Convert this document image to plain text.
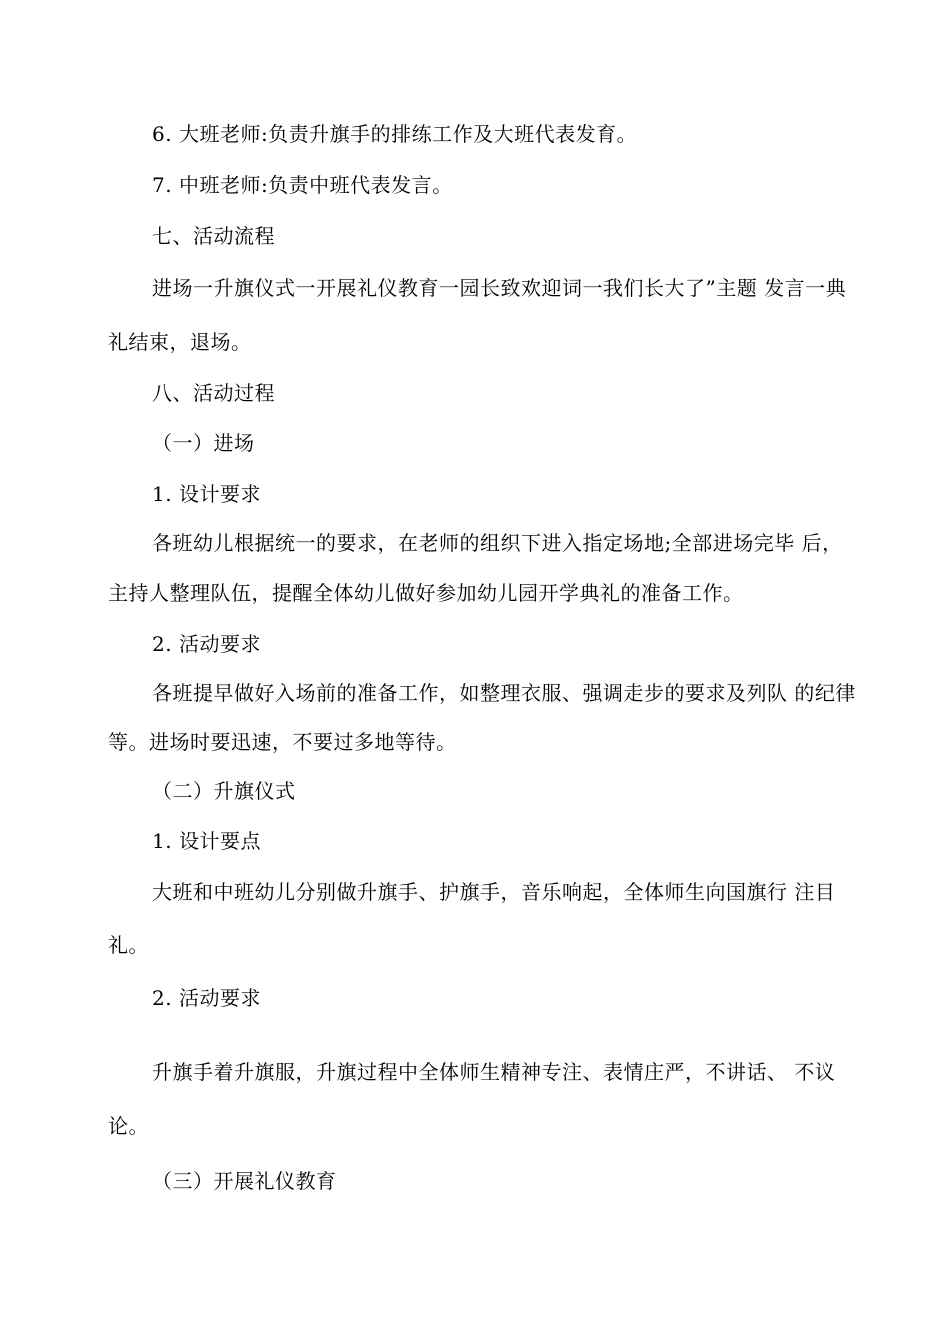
6. 大班老师:负责升旗手的排练工作及大班代表发育。
7. 中班老师:负责中班代表发言。
七、活动流程
进场一升旗仪式一开展礼仪教育一园长致欢迎词一我们长大了”主题 发言一典
礼结束，退场。
八、活动过程
（一）进场
1. 设计要求
各班幼儿根据统一的要求，在老师的组织下进入指定场地;全部进场完毕 后，
主持人整理队伍，提醒全体幼儿做好参加幼儿园开学典礼的准备工作。
2. 活动要求
各班提早做好入场前的准备工作，如整理衣服、强调走步的要求及列队 的纪律
等。进场时要迅速，不要过多地等待。
（二）升旗仪式
1. 设计要点
大班和中班幼儿分别做升旗手、护旗手，音乐响起，全体师生向国旗行 注目
礼。
2. 活动要求
升旗手着升旗服，升旗过程中全体师生精神专注、表情庄严，不讲话、 不议
论。
（三）开展礼仪教育
